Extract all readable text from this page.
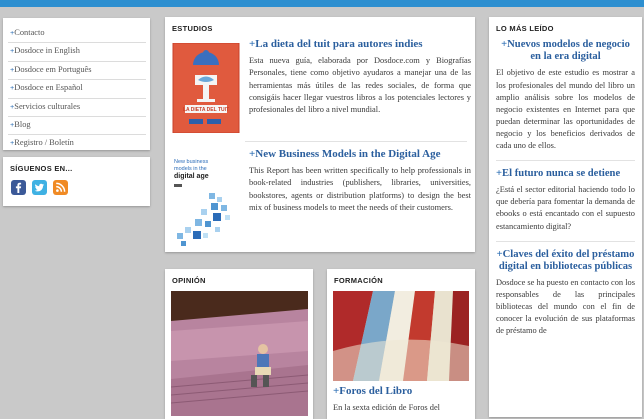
+Contacto
+Dosdoce in English
+Dosdoce em Português
+Dosdoce en Español
+Servicios culturales
+Blog
+Registro / Boletín
SÍGUENOS EN...

ESTUDIOS
LA DIETA DEL TUIT
+La dieta del tuit para autores indies
Esta nueva guía, elaborada por Dosdoce.com y Biografías Personales, tiene como objetivo ayudaros a manejar una de las herramientas más útiles de las redes sociales, de forma que consigáis hacer llegar vuestros libros a los potenciales lectores y profesionales del libro a nivel mundial.
New business
models in the
digital age
+New Business Models in the Digital Age
This Report has been written specifically to help professionals in book-related industries (publishers, libraries, universities, bookstores, agents or distribution platforms) to design the best mix of business models to meet the needs of their customers.
LO MÁS LEÍDO
+Nuevos modelos de negocio en la era digital
El objetivo de este estudio es mostrar a los profesionales del mundo del libro un amplio análisis sobre los modelos de negocio existentes en Internet para que puedan determinar las oportunidades de negocio y los beneficios derivados de cada uno de ellos.
+El futuro nunca se detiene
¿Está el sector editorial haciendo todo lo que debería para fomentar la demanda de ebooks o está encantado con el supuesto estancamiento digital?
+Claves del éxito del préstamo digital en bibliotecas públicas
Dosdoce se ha puesto en contacto con los responsables de las principales bibliotecas del mundo con el fin de conocer la evolución de sus plataformas de préstamo de
OPINIÓN	FORMACIÓN
+Foros del Libro
En la sexta edición de Foros del
